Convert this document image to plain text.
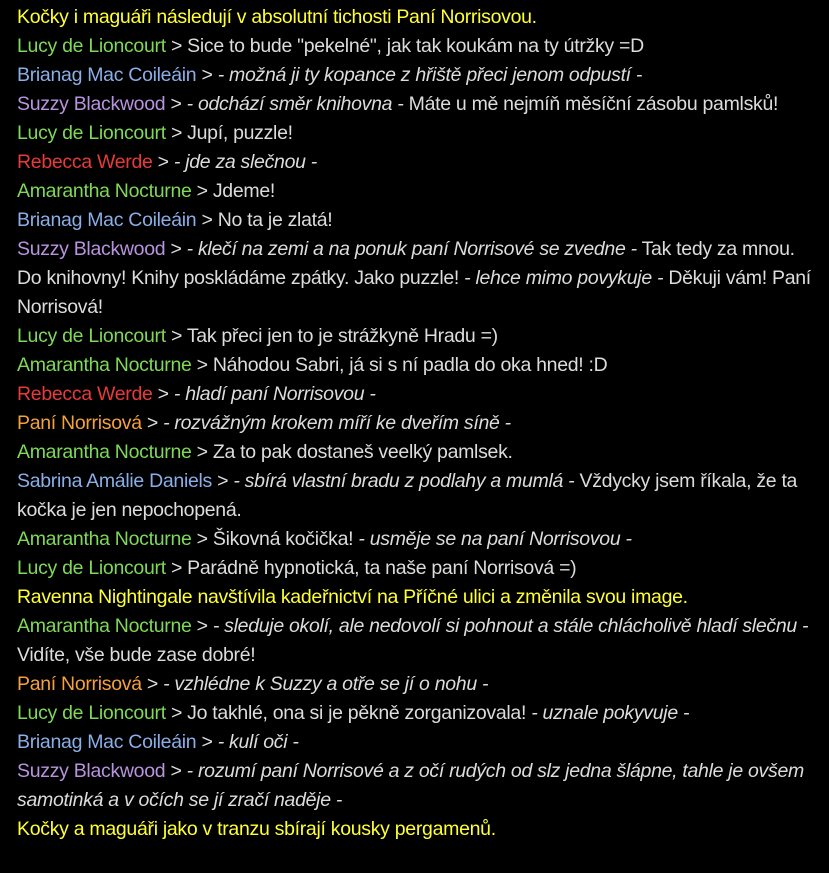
Kočky i maguáři následují v absolutní tichosti Paní Norrisovou.
Lucy de Lioncourt > Sice to bude "pekelné", jak tak koukám na ty útržky =D
Brianag Mac Coileáin > - možná ji ty kopance z hřiště přeci jenom odpustí -
Suzzy Blackwood > - odchází směr knihovna - Máte u mě nejmíň měsíční zásobu pamlsků!
Lucy de Lioncourt > Jupí, puzzle!
Rebecca Werde > - jde za slečnou -
Amarantha Nocturne > Jdeme!
Brianag Mac Coileáin > No ta je zlatá!
Suzzy Blackwood > - klečí na zemi a na ponuk paní Norrisové se zvedne - Tak tedy za mnou. Do knihovny! Knihy poskládáme zpátky. Jako puzzle! - lehce mimo povykuje - Děkuji vám! Paní Norrisová!
Lucy de Lioncourt > Tak přeci jen to je strážkyně Hradu =)
Amarantha Nocturne > Náhodou Sabri, já si s ní padla do oka hned! :D
Rebecca Werde > - hladí paní Norrisovou -
Paní Norrisová > - rozvážným krokem míří ke dveřím síně -
Amarantha Nocturne > Za to pak dostaneš veelký pamlsek.
Sabrina Amálie Daniels > - sbírá vlastní bradu z podlahy a mumlá - Vždycky jsem říkala, že ta kočka je jen nepochopená.
Amarantha Nocturne > Šikovná kočička! - usměje se na paní Norrisovou -
Lucy de Lioncourt > Parádně hypnotická, ta naše paní Norrisová =)
Ravenna Nightingale navštívila kadeřnictví na Příčné ulici a změnila svou image.
Amarantha Nocturne > - sleduje okolí, ale nedovolí si pohnout a stále chlácholivě hladí slečnu - Vidíte, vše bude zase dobré!
Paní Norrisová > - vzhlédne k Suzzy a otře se jí o nohu -
Lucy de Lioncourt > Jo takhlé, ona si je pěkně zorganizovala! - uznale pokyvuje -
Brianag Mac Coileáin > - kulí oči -
Suzzy Blackwood > - rozumí paní Norrisové a z očí rudých od slz jedna šlápne, tahle je ovšem samotinká a v očích se jí zračí naděje -
Kočky a maguáři jako v tranzu sbírají kousky pergamenů.
